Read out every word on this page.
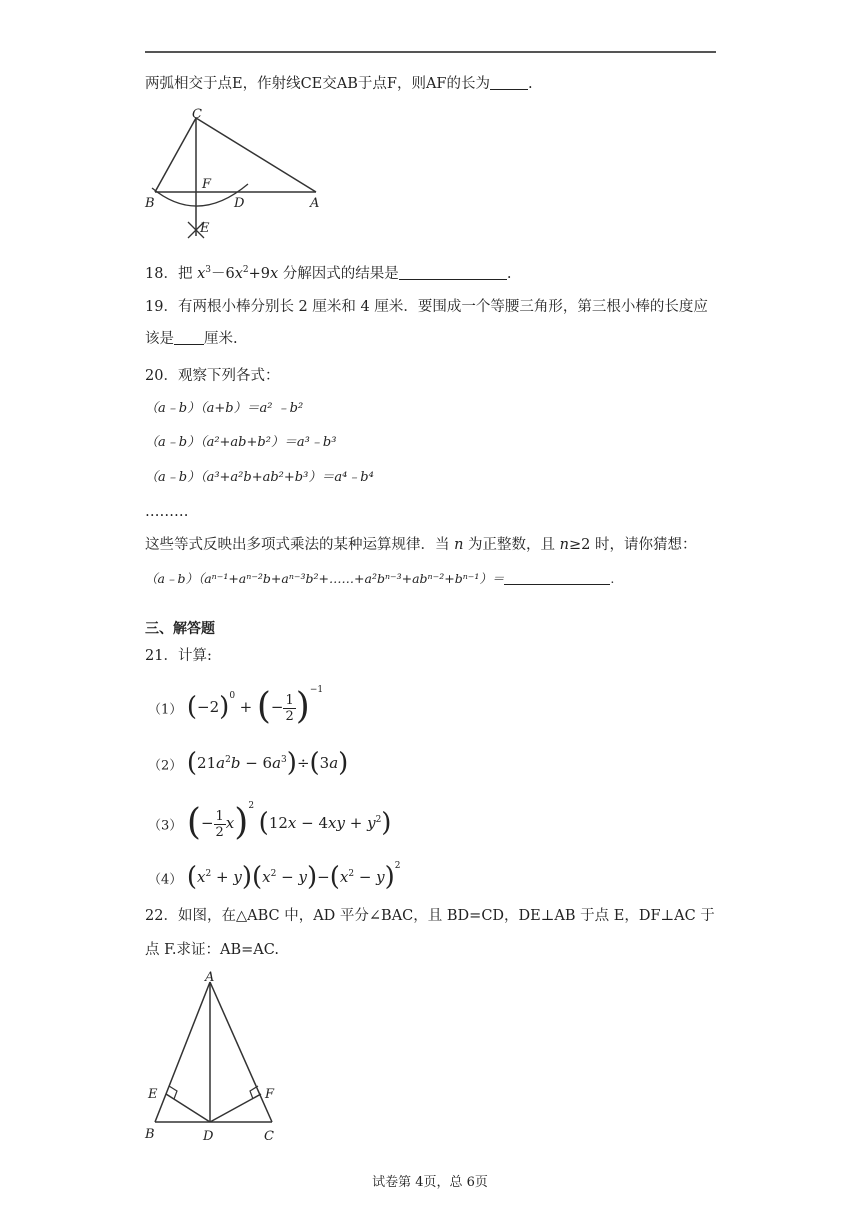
两弧相交于点E，作射线CE交AB于点F，则AF的长为	.
C
F
B	D	A
E
18．把 $x^3-6x^2+9x$ 分解因式的结果是	.
19．有两根小棒分别长 2 厘米和 4 厘米．要围成一个等腰三角形，第三根小棒的长度应
该是 厘米.
20．观察下列各式：
（a﹣b）（a+b）＝a² ﹣b²
（a﹣b）（a²+ab+b²）＝a³﹣b³
（a﹣b）（a³+a²b+ab²+b³）＝a⁴﹣b⁴
………
这些等式反映出多项式乘法的某种运算规律．当 n 为正整数，且 n≥2 时，请你猜想：
（a﹣b）（aⁿ⁻¹+aⁿ⁻²b+aⁿ⁻³b²+……+a²bⁿ⁻³+abⁿ⁻²+bⁿ⁻¹）＝	.
三、解答题
21．计算:
（1） $(-2)^0$ + (− $\frac{1}{2} )^{-1}$
（2） $(21a^2b - 6a^3)\div(3a)$
（3） (− $\frac{1}{2} x)^2$ $(12x - 4xy + y^2)$
（4） $(x^2 + y)(x^2 - y)-(x^2 - y)^2$
22．如图，在△ABC 中，AD 平分∠BAC，且 BD=CD，DE⊥AB 于点 E，DF⊥AC 于
点 F.求证：AB=AC.
A
E	F
B	D	C
试卷第 4页，总 6页
